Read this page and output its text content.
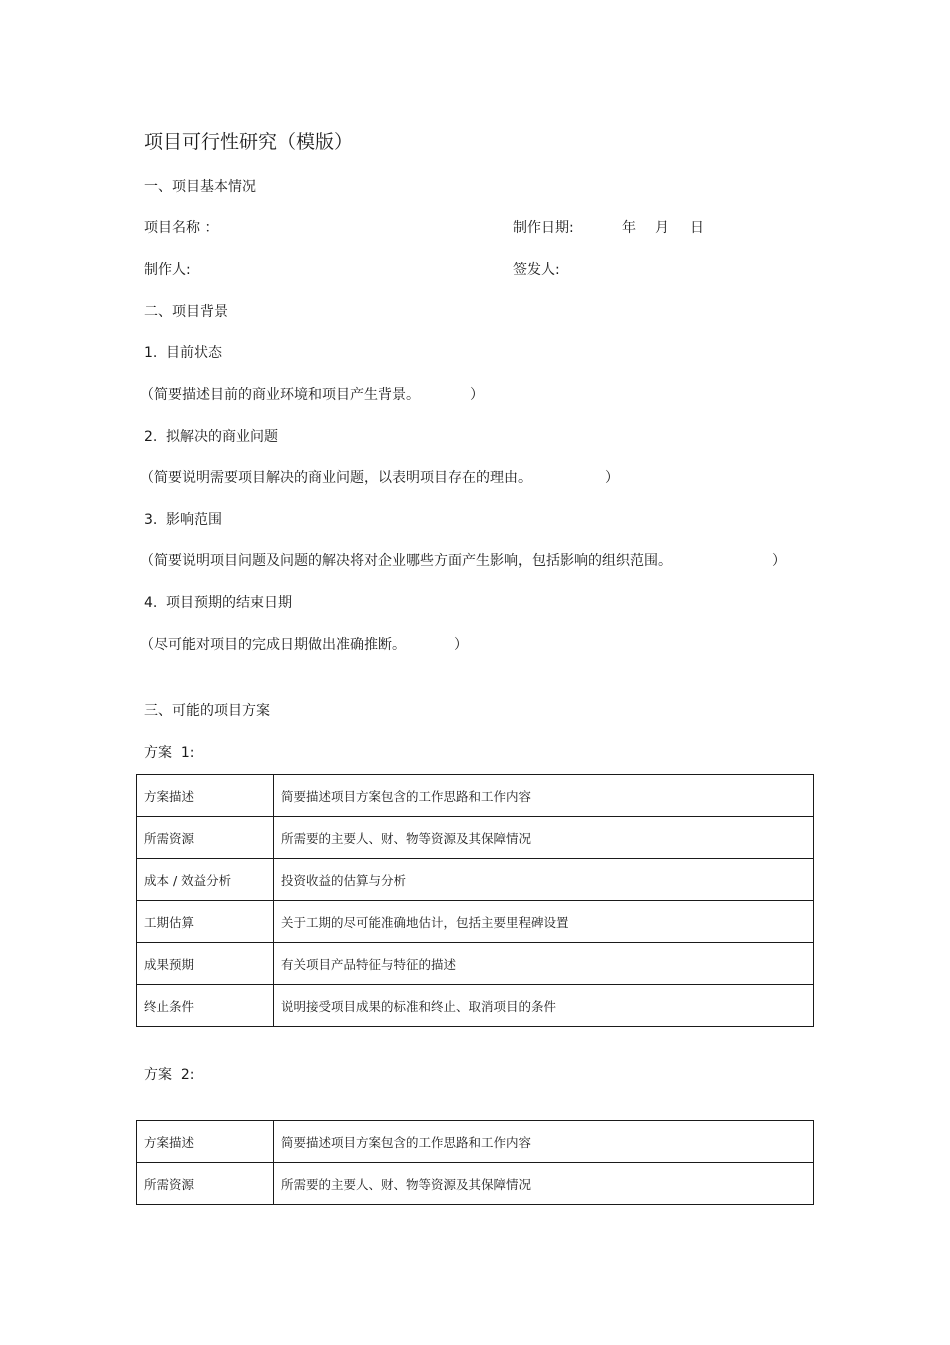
项目可行性研究（模版）
一、项目基本情况
项目名称 ：	制作日期:	年 月 日
制作人:	签发人:
二、项目背景
1. 目前状态
（简要描述目前的商业环境和项目产生背景。	）
2. 拟解决的商业问题
（简要说明需要项目解决的商业问题，以表明项目存在的理由。	）
3. 影响范围
（简要说明项目问题及问题的解决将对企业哪些方面产生影响，包括影响的组织范围。	）
4. 项目预期的结束日期
（尽可能对项目的完成日期做出准确推断。	）
三、可能的项目方案
方案  1:
方案描述	简要描述项目方案包含的工作思路和工作内容
所需资源	所需要的主要人、财、物等资源及其保障情况
成本 / 效益分析	投资收益的估算与分析
工期估算	关于工期的尽可能准确地估计，包括主要里程碑设置
成果预期	有关项目产品特征与特征的描述
终止条件	说明接受项目成果的标准和终止、取消项目的条件
方案  2:
方案描述	简要描述项目方案包含的工作思路和工作内容
所需资源	所需要的主要人、财、物等资源及其保障情况
